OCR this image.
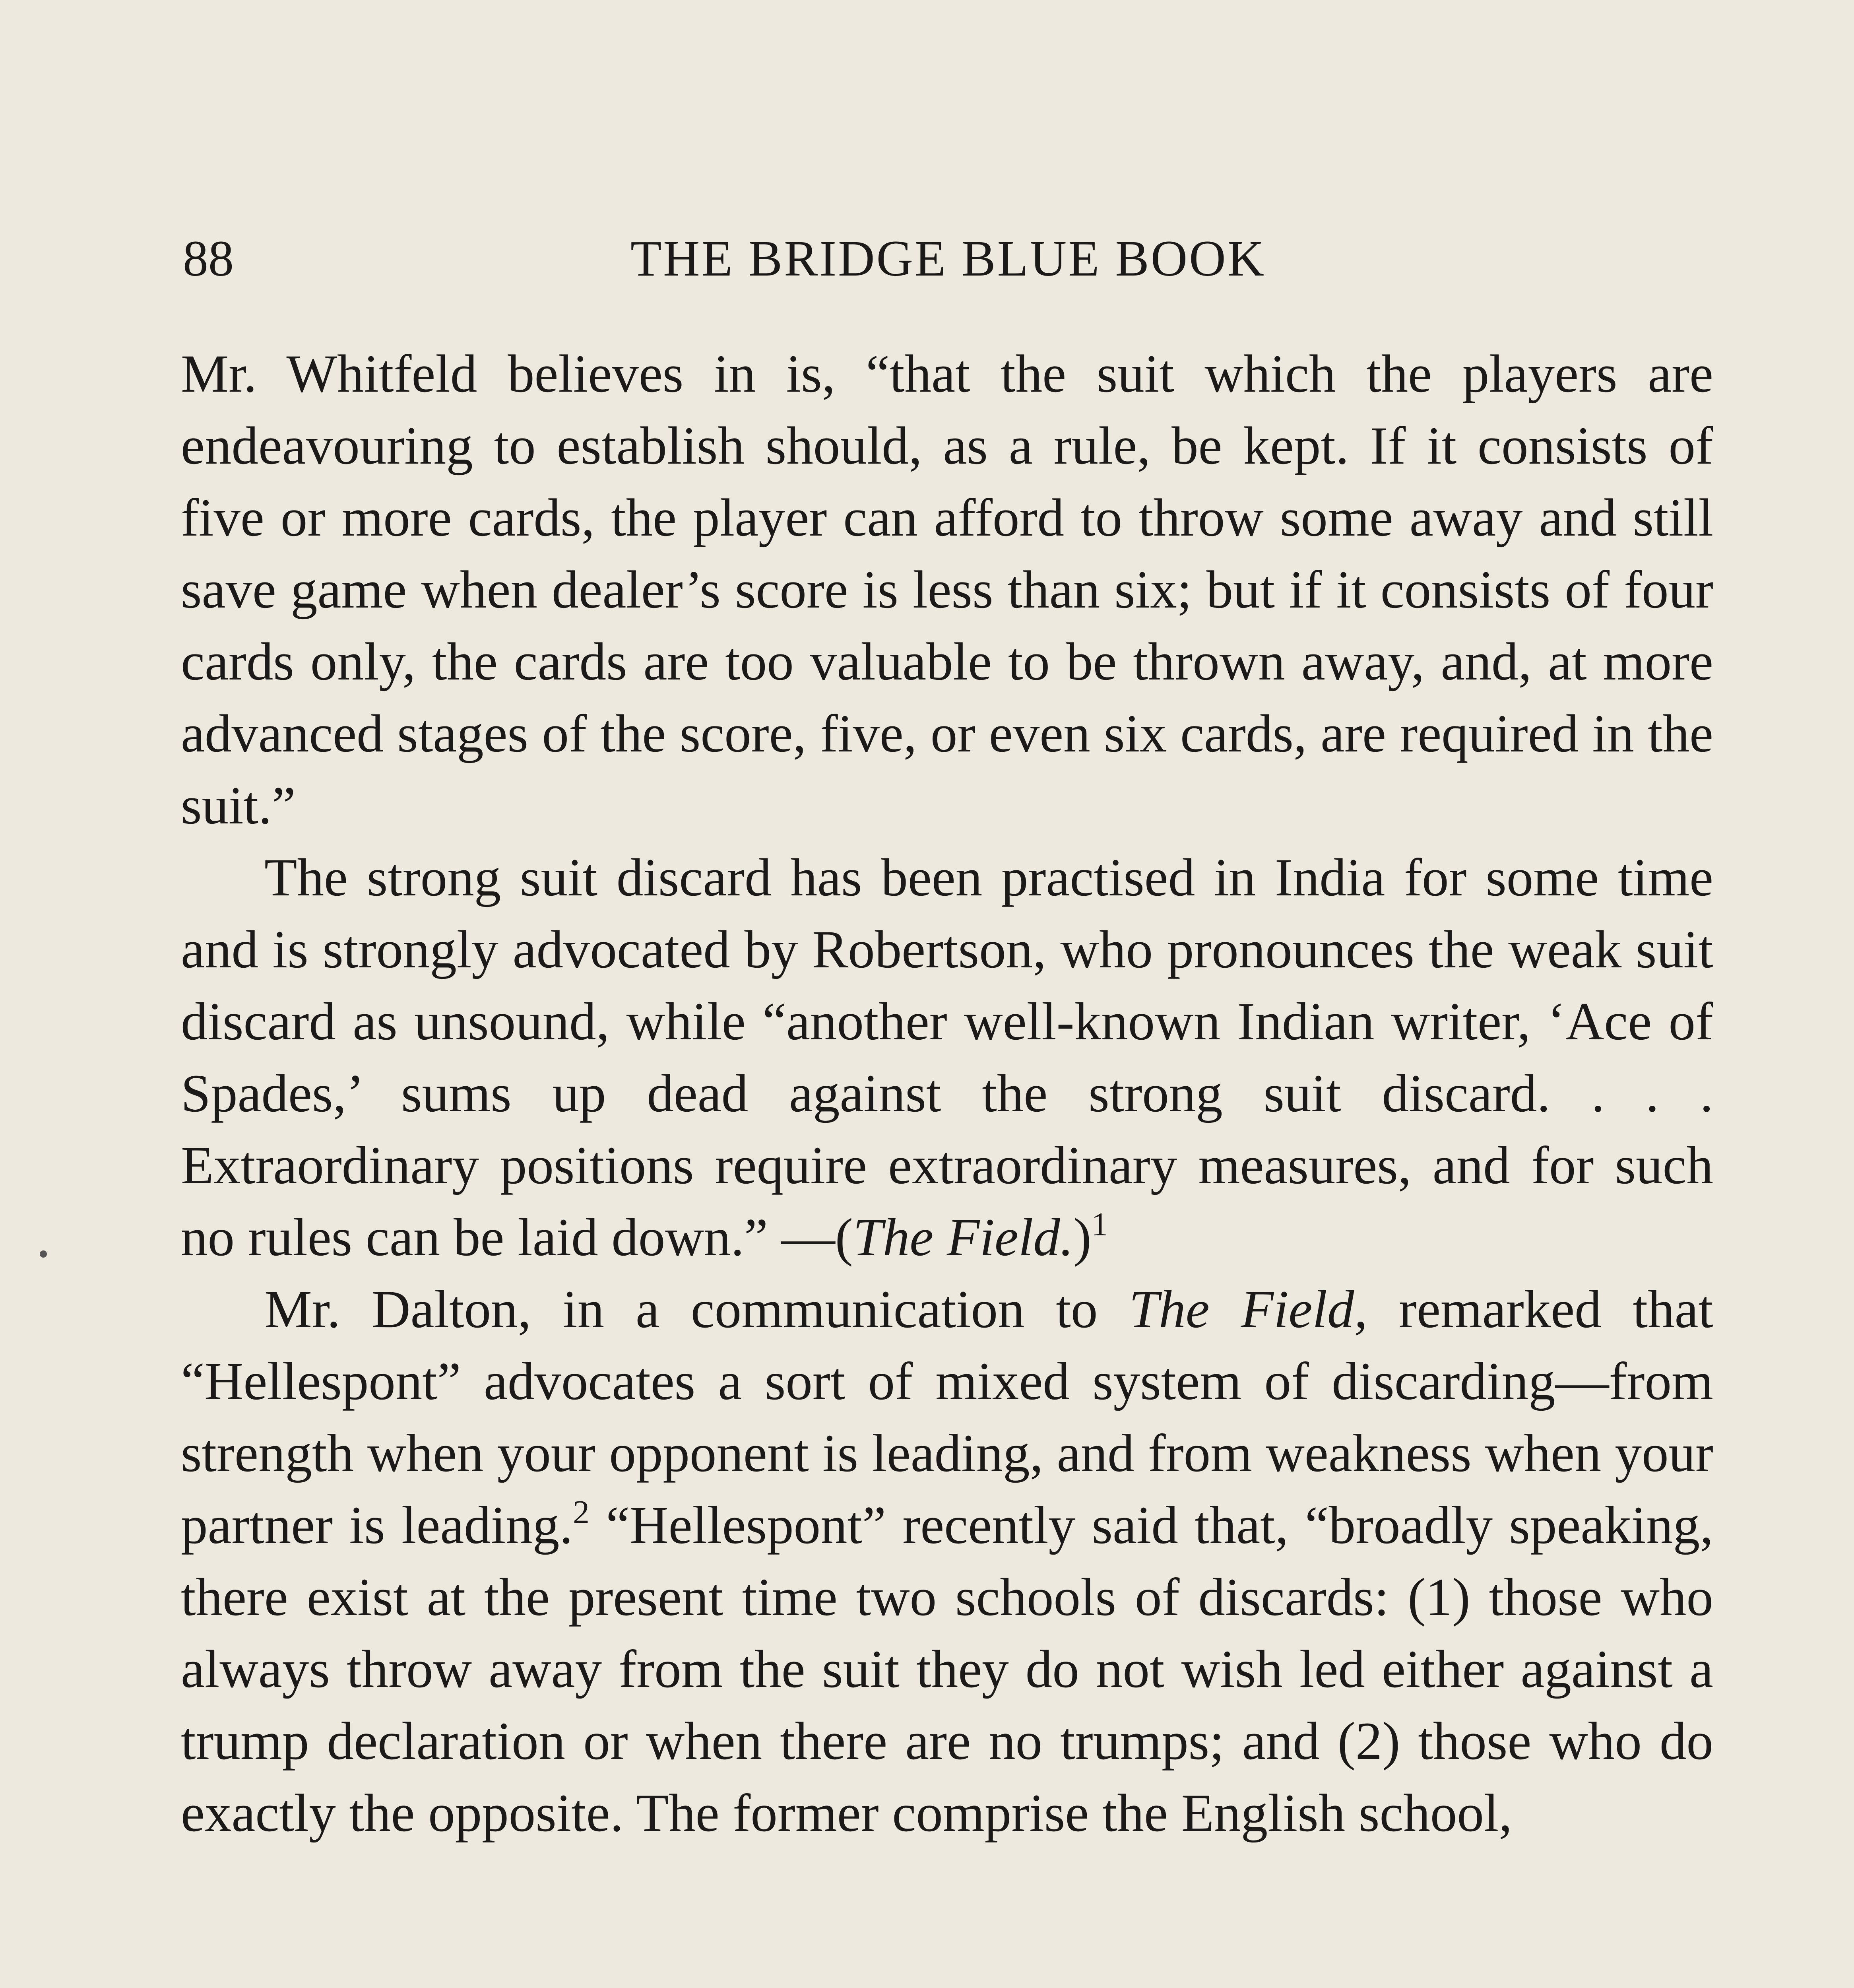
88	THE BRIDGE BLUE BOOK

Mr. Whitfeld believes in is, “that the suit which the players are endeavouring to establish should, as a rule, be kept. If it consists of five or more cards, the player can afford to throw some away and still save game when dealer’s score is less than six; but if it consists of four cards only, the cards are too valuable to be thrown away, and, at more advanced stages of the score, five, or even six cards, are required in the suit.”

The strong suit discard has been practised in India for some time and is strongly advocated by Robertson, who pronounces the weak suit discard as unsound, while “another well-known Indian writer, ‘Ace of Spades,’ sums up dead against the strong suit discard. . . . Extraordinary positions require extraordinary measures, and for such no rules can be laid down.” —(The Field.)$^1$

Mr. Dalton, in a communication to The Field, remarked that “Hellespont” advocates a sort of mixed system of discarding—from strength when your opponent is leading, and from weakness when your partner is leading.$^2$ “Hellespont” recently said that, “broadly speaking, there exist at the present time two schools of discards: (1) those who always throw away from the suit they do not wish led either against a trump declaration or when there are no trumps; and (2) those who do exactly the opposite. The former comprise the English school,
